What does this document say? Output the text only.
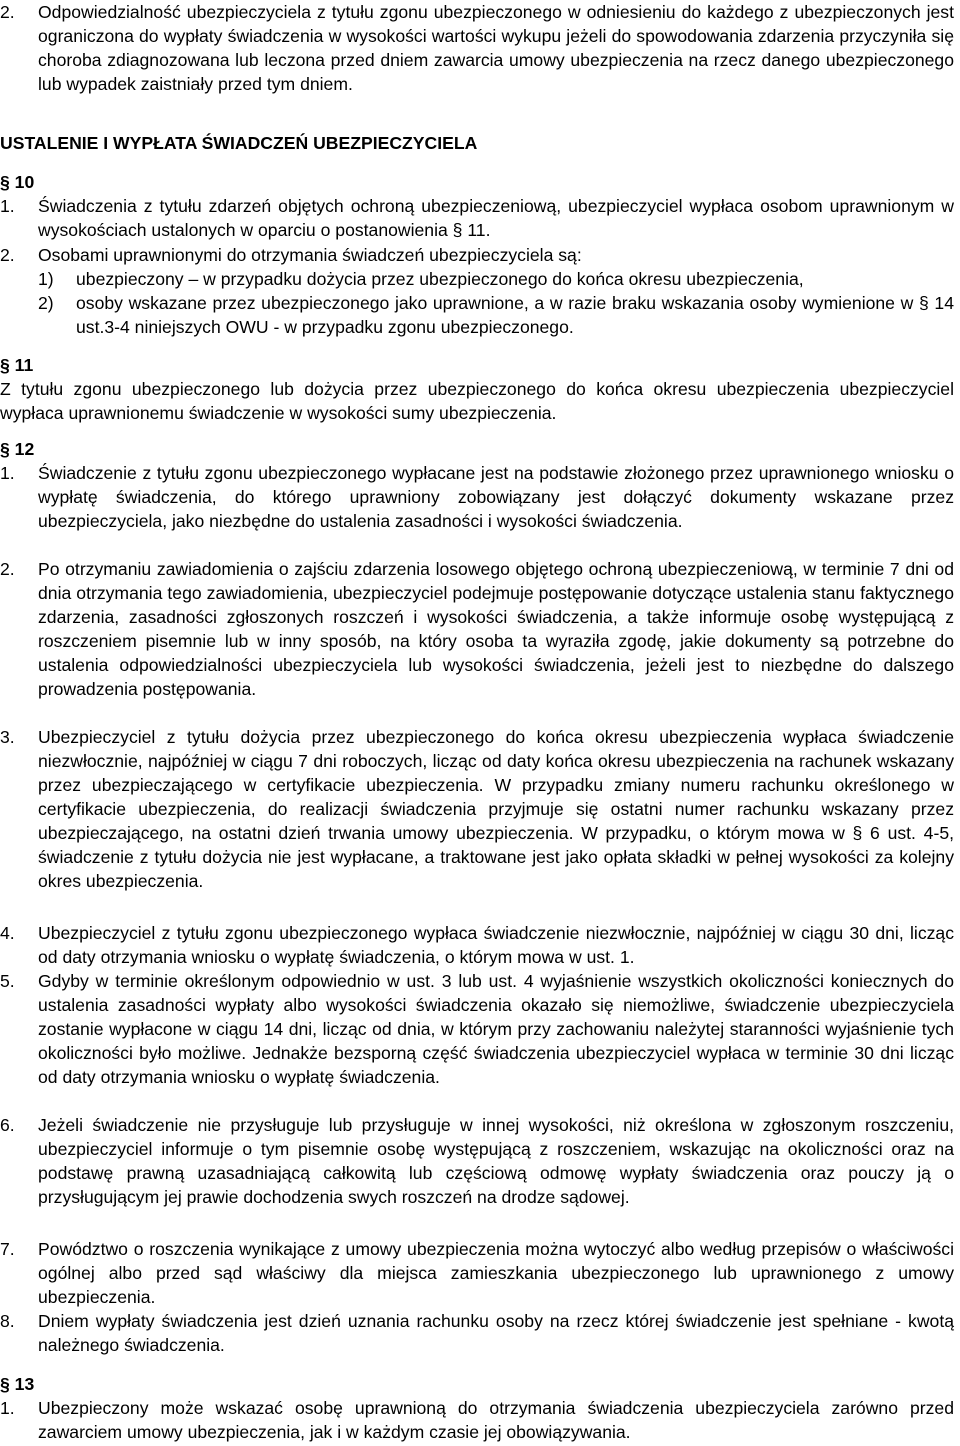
2. Odpowiedzialność ubezpieczyciela z tytułu zgonu ubezpieczonego w odniesieniu do każdego z ubezpieczonych jest ograniczona do wypłaty świadczenia w wysokości wartości wykupu jeżeli do spowodowania zdarzenia przyczyniła się choroba zdiagnozowana lub leczona przed dniem zawarcia umowy ubezpieczenia na rzecz danego ubezpieczonego lub wypadek zaistniały przed tym dniem.
USTALENIE I WYPŁATA ŚWIADCZEŃ UBEZPIECZYCIELA
§ 10
1. Świadczenia z tytułu zdarzeń objętych ochroną ubezpieczeniową, ubezpieczyciel wypłaca osobom uprawnionym w wysokościach ustalonych w oparciu o postanowienia § 11.
2. Osobami uprawnionymi do otrzymania świadczeń ubezpieczyciela są:
1) ubezpieczony – w przypadku dożycia przez ubezpieczonego do końca okresu ubezpieczenia,
2) osoby wskazane przez ubezpieczonego jako uprawnione, a w razie braku wskazania osoby wymienione w § 14 ust.3-4 niniejszych OWU - w przypadku zgonu ubezpieczonego.
§ 11
Z tytułu zgonu ubezpieczonego lub dożycia przez ubezpieczonego do końca okresu ubezpieczenia ubezpieczyciel wypłaca uprawnionemu świadczenie w wysokości sumy ubezpieczenia.
§ 12
1. Świadczenie z tytułu zgonu ubezpieczonego wypłacane jest na podstawie złożonego przez uprawnionego wniosku o wypłatę świadczenia, do którego uprawniony zobowiązany jest dołączyć dokumenty wskazane przez ubezpieczyciela, jako niezbędne do ustalenia zasadności i wysokości świadczenia.
2. Po otrzymaniu zawiadomienia o zajściu zdarzenia losowego objętego ochroną ubezpieczeniową, w terminie 7 dni od dnia otrzymania tego zawiadomienia, ubezpieczyciel podejmuje postępowanie dotyczące ustalenia stanu faktycznego zdarzenia, zasadności zgłoszonych roszczeń i wysokości świadczenia, a także informuje osobę występującą z roszczeniem pisemnie lub w inny sposób, na który osoba ta wyraziła zgodę, jakie dokumenty są potrzebne do ustalenia odpowiedzialności ubezpieczyciela lub wysokości świadczenia, jeżeli jest to niezbędne do dalszego prowadzenia postępowania.
3. Ubezpieczyciel z tytułu dożycia przez ubezpieczonego do końca okresu ubezpieczenia wypłaca świadczenie niezwłocznie, najpóźniej w ciągu 7 dni roboczych, licząc od daty końca okresu ubezpieczenia na rachunek wskazany przez ubezpieczającego w certyfikacie ubezpieczenia. W przypadku zmiany numeru rachunku określonego w certyfikacie ubezpieczenia, do realizacji świadczenia przyjmuje się ostatni numer rachunku wskazany przez ubezpieczającego, na ostatni dzień trwania umowy ubezpieczenia. W przypadku, o którym mowa w § 6 ust. 4-5, świadczenie z tytułu dożycia nie jest wypłacane, a traktowane jest jako opłata składki w pełnej wysokości za kolejny okres ubezpieczenia.
4. Ubezpieczyciel z tytułu zgonu ubezpieczonego wypłaca świadczenie niezwłocznie, najpóźniej w ciągu 30 dni, licząc od daty otrzymania wniosku o wypłatę świadczenia, o którym mowa w ust. 1.
5. Gdyby w terminie określonym odpowiednio w ust. 3 lub ust. 4 wyjaśnienie wszystkich okoliczności koniecznych do ustalenia zasadności wypłaty albo wysokości świadczenia okazało się niemożliwe, świadczenie ubezpieczyciela zostanie wypłacone w ciągu 14 dni, licząc od dnia, w którym przy zachowaniu należytej staranności wyjaśnienie tych okoliczności było możliwe. Jednakże bezsporną część świadczenia ubezpieczyciel wypłaca w terminie 30 dni licząc od daty otrzymania wniosku o wypłatę świadczenia.
6. Jeżeli świadczenie nie przysługuje lub przysługuje w innej wysokości, niż określona w zgłoszonym roszczeniu, ubezpieczyciel informuje o tym pisemnie osobę występującą z roszczeniem, wskazując na okoliczności oraz na podstawę prawną uzasadniającą całkowitą lub częściową odmowę wypłaty świadczenia oraz pouczy ją o przysługującym jej prawie dochodzenia swych roszczeń na drodze sądowej.
7. Powództwo o roszczenia wynikające z umowy ubezpieczenia można wytoczyć albo według przepisów o właściwości ogólnej albo przed sąd właściwy dla miejsca zamieszkania ubezpieczonego lub uprawnionego z umowy ubezpieczenia.
8. Dniem wypłaty świadczenia jest dzień uznania rachunku osoby na rzecz której świadczenie jest spełniane - kwotą należnego świadczenia.
§ 13
1. Ubezpieczony może wskazać osobę uprawnioną do otrzymania świadczenia ubezpieczyciela zarówno przed zawarciem umowy ubezpieczenia, jak i w każdym czasie jej obowiązywania.
